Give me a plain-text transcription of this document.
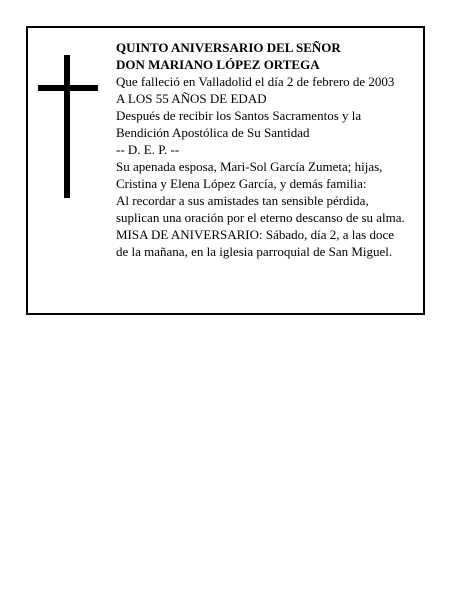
QUINTO ANIVERSARIO DEL SEÑOR
DON MARIANO LÓPEZ ORTEGA
Que falleció en Valladolid el día 2 de febrero de 2003
A LOS 55 AÑOS DE EDAD
Después de recibir los Santos Sacramentos y la
Bendición Apostólica de Su Santidad
-- D. E. P. --
Su apenada esposa, Mari-Sol García Zumeta; hijas,
Cristina y Elena López García, y demás familia:
Al recordar a sus amistades tan sensible pérdida,
suplican una oración por el eterno descanso de su alma.
MISA DE ANIVERSARIO: Sábado, día 2, a las doce
de la mañana, en la iglesia parroquial de San Miguel.
